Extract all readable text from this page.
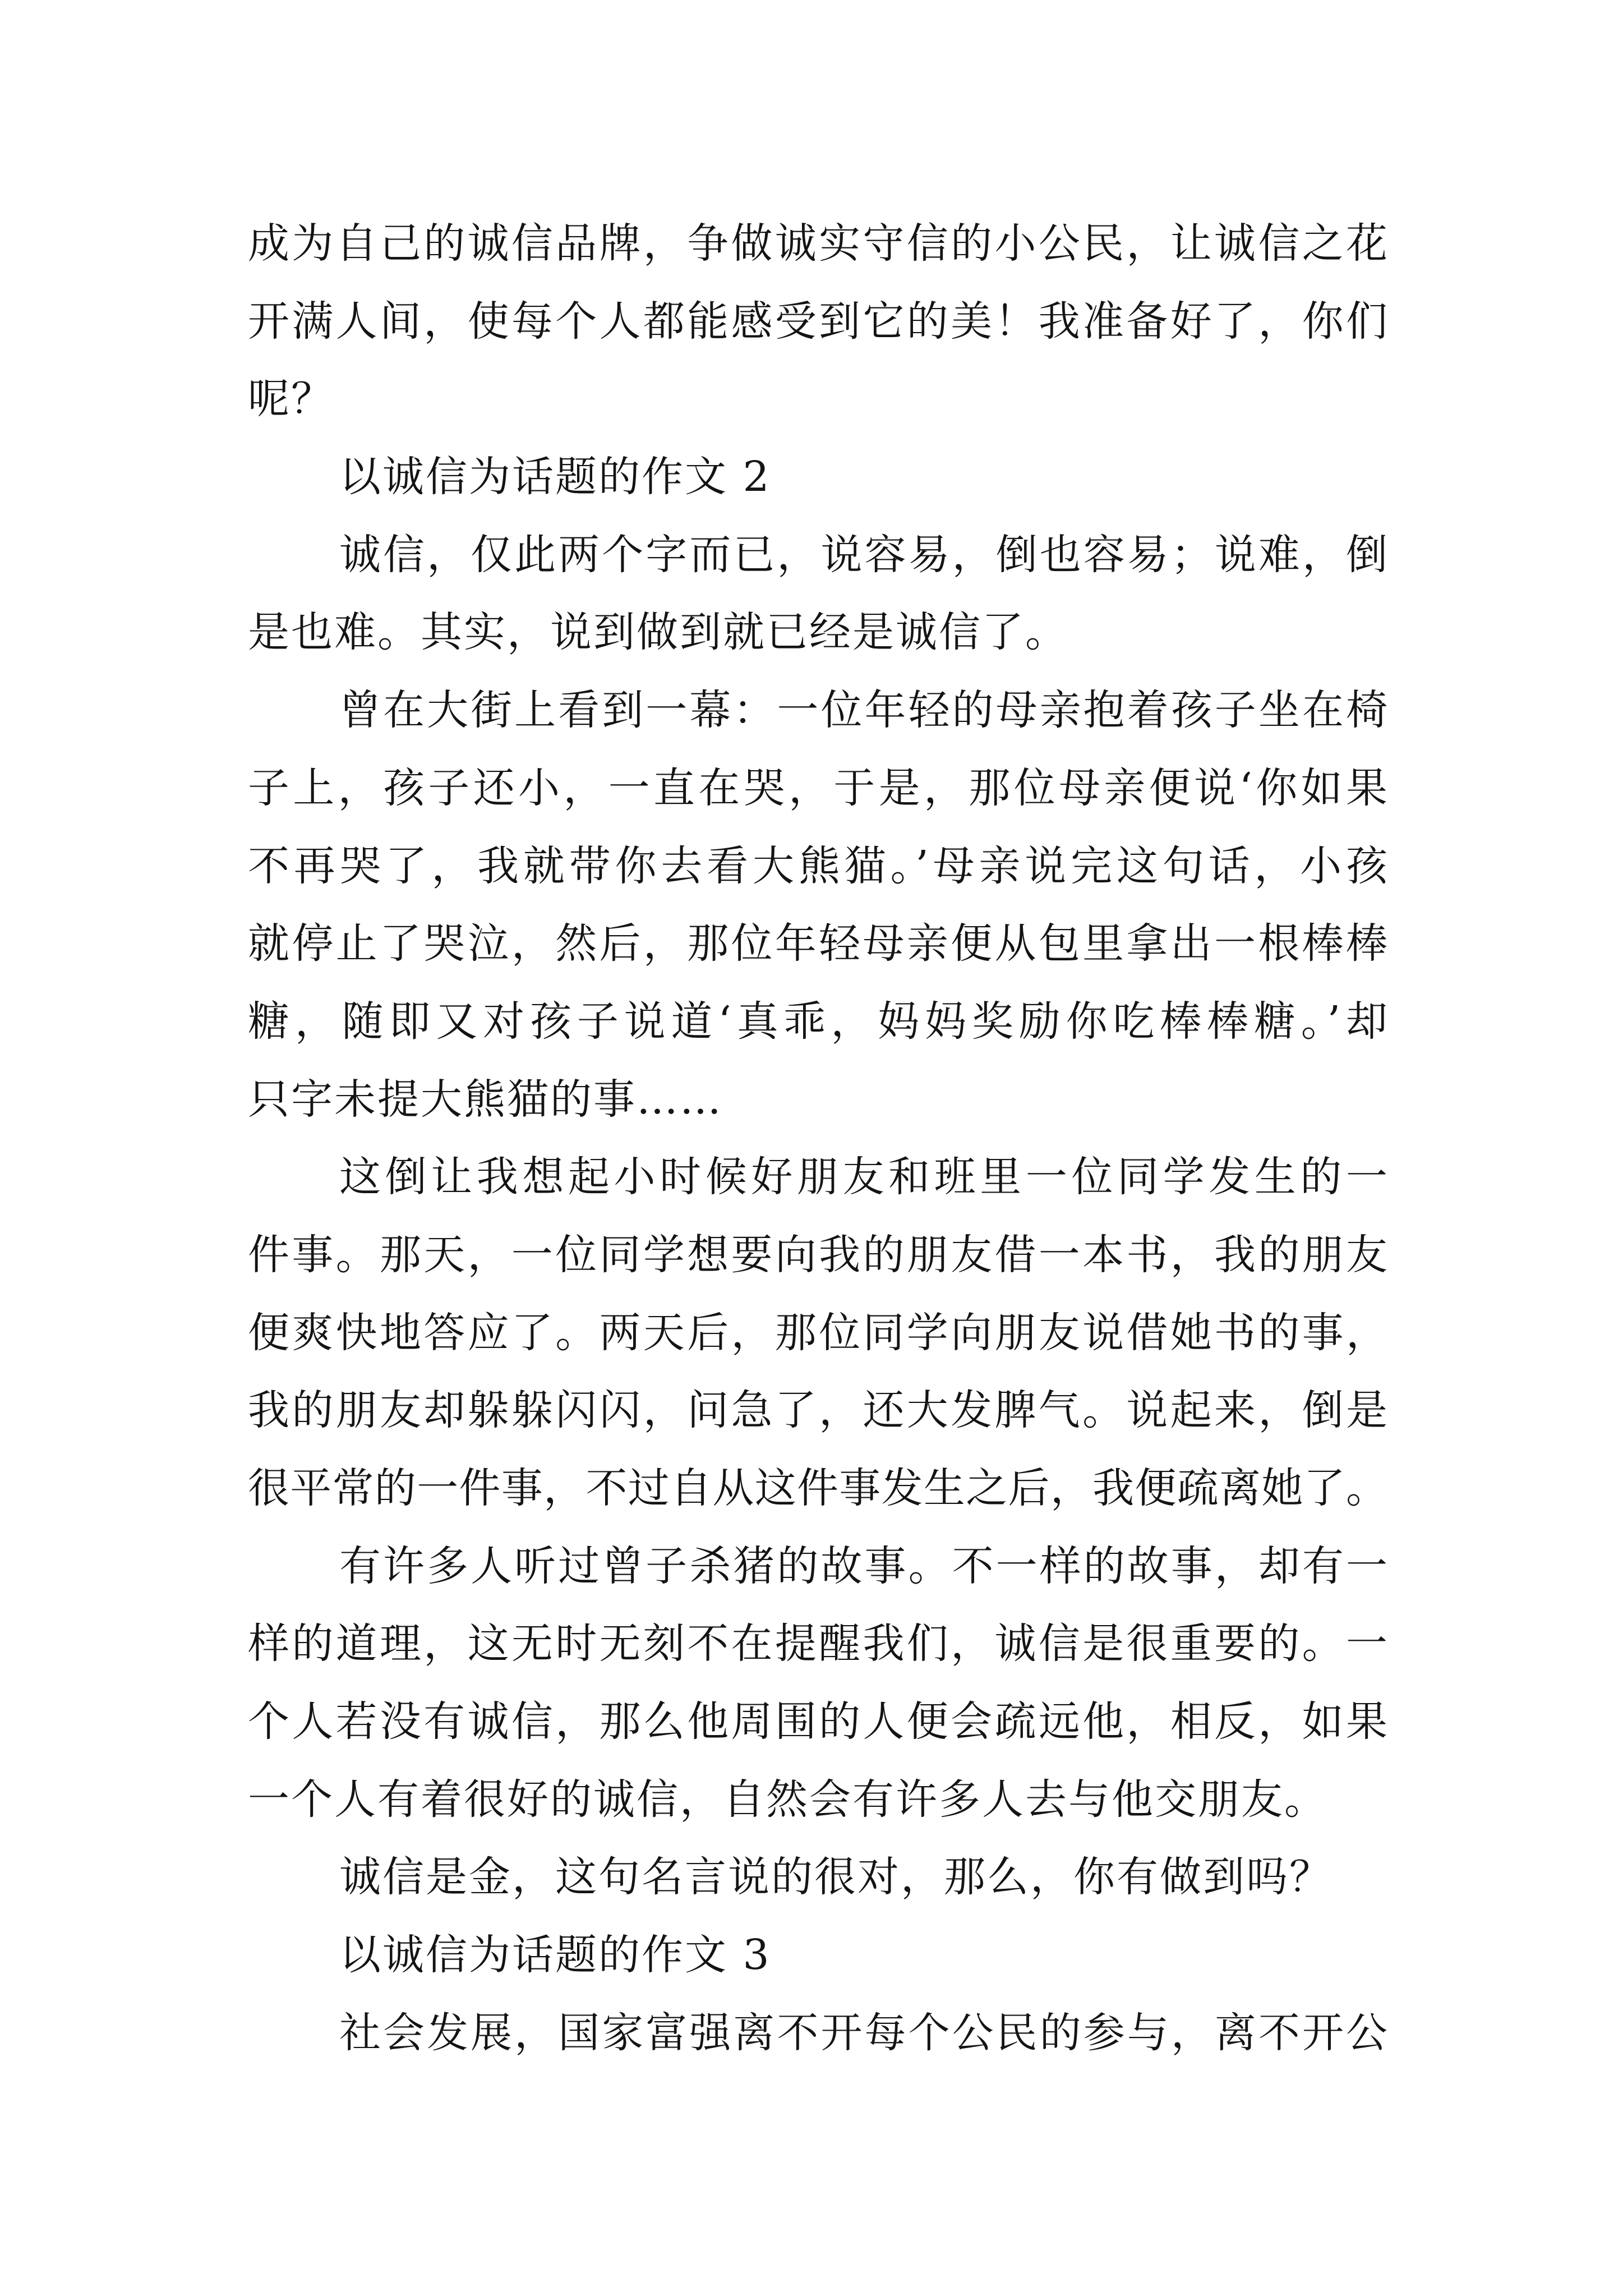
成为自己的诚信品牌，争做诚实守信的小公民，让诚信之花
开满人间，使每个人都能感受到它的美！我准备好了，你们
呢？
以诚信为话题的作文 2
诚信，仅此两个字而已，说容易，倒也容易；说难，倒
是也难。其实，说到做到就已经是诚信了。
曾在大街上看到一幕：一位年轻的母亲抱着孩子坐在椅
子上，孩子还小，一直在哭，于是，那位母亲便说‘你如果
不再哭了，我就带你去看大熊猫。’母亲说完这句话，小孩
就停止了哭泣，然后，那位年轻母亲便从包里拿出一根棒棒
糖，随即又对孩子说道‘真乖，妈妈奖励你吃棒棒糖。’却
只字未提大熊猫的事……
这倒让我想起小时候好朋友和班里一位同学发生的一
件事。那天，一位同学想要向我的朋友借一本书，我的朋友
便爽快地答应了。两天后，那位同学向朋友说借她书的事，
我的朋友却躲躲闪闪，问急了，还大发脾气。说起来，倒是
很平常的一件事，不过自从这件事发生之后，我便疏离她了。
有许多人听过曾子杀猪的故事。不一样的故事，却有一
样的道理，这无时无刻不在提醒我们，诚信是很重要的。一
个人若没有诚信，那么他周围的人便会疏远他，相反，如果
一个人有着很好的诚信，自然会有许多人去与他交朋友。
诚信是金，这句名言说的很对，那么，你有做到吗？
以诚信为话题的作文 3
社会发展，国家富强离不开每个公民的参与，离不开公
